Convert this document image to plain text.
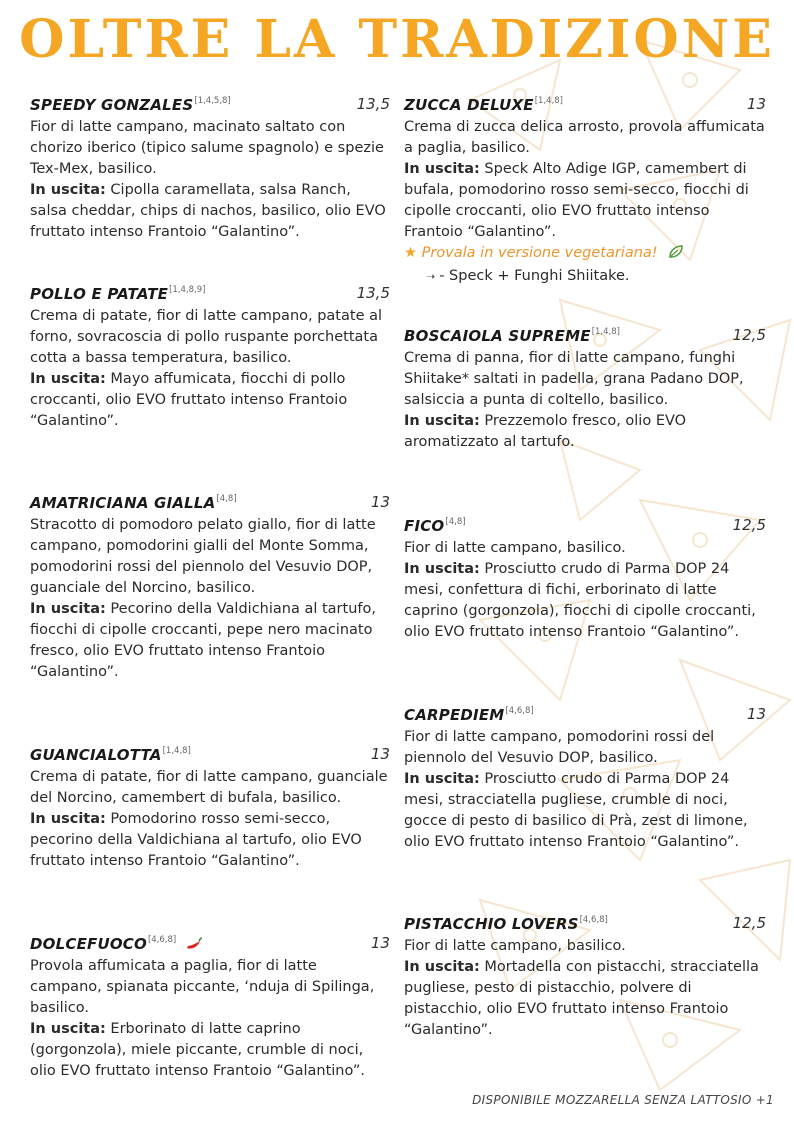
OLTRE LA TRADIZIONE
SPEEDY GONZALES[1,4,5,8]	13,5
Fior di latte campano, macinato saltato con chorizo iberico (tipico salume spagnolo) e spezie Tex-Mex, basilico.
In uscita: Cipolla caramellata, salsa Ranch, salsa cheddar, chips di nachos, basilico, olio EVO fruttato intenso Frantoio “Galantino”.
POLLO E PATATE[1,4,8,9]	13,5
Crema di patate, fior di latte campano, patate al forno, sovracoscia di pollo ruspante porchettata cotta a bassa temperatura, basilico.
In uscita: Mayo affumicata, fiocchi di pollo croccanti, olio EVO fruttato intenso Frantoio “Galantino”.
AMATRICIANA GIALLA[4,8]	13
Stracotto di pomodoro pelato giallo, fior di latte campano, pomodorini gialli del Monte Somma, pomodorini rossi del piennolo del Vesuvio DOP, guanciale del Norcino, basilico.
In uscita: Pecorino della Valdichiana al tartufo, fiocchi di cipolle croccanti, pepe nero macinato fresco, olio EVO fruttato intenso Frantoio “Galantino”.
GUANCIALOTTA[1,4,8]	13
Crema di patate, fior di latte campano, guanciale del Norcino, camembert di bufala, basilico.
In uscita: Pomodorino rosso semi-secco, pecorino della Valdichiana al tartufo, olio EVO fruttato intenso Frantoio “Galantino”.
DOLCEFUOCO[4,6,8]	13
Provola affumicata a paglia, fior di latte campano, spianata piccante, ‘nduja di Spilinga, basilico.
In uscita: Erborinato di latte caprino (gorgonzola), miele piccante, crumble di noci, olio EVO fruttato intenso Frantoio “Galantino”.
ZUCCA DELUXE[1,4,8]	13
Crema di zucca delica arrosto, provola affumicata a paglia, basilico.
In uscita: Speck Alto Adige IGP, camembert di bufala, pomodorino rosso semi-secco, fiocchi di cipolle croccanti, olio EVO fruttato intenso Frantoio “Galantino”.
★ Provala in versione vegetariana!
➝ - Speck + Funghi Shiitake.
BOSCAIOLA SUPREME[1,4,8]	12,5
Crema di panna, fior di latte campano, funghi Shiitake* saltati in padella, grana Padano DOP, salsiccia a punta di coltello, basilico.
In uscita: Prezzemolo fresco, olio EVO aromatizzato al tartufo.
FICO[4,8]	12,5
Fior di latte campano, basilico.
In uscita: Prosciutto crudo di Parma DOP 24 mesi, confettura di fichi, erborinato di latte caprino (gorgonzola), fiocchi di cipolle croccanti, olio EVO fruttato intenso Frantoio “Galantino”.
CARPEDIEM[4,6,8]	13
Fior di latte campano, pomodorini rossi del piennolo del Vesuvio DOP, basilico.
In uscita: Prosciutto crudo di Parma DOP 24 mesi, stracciatella pugliese, crumble di noci, gocce di pesto di basilico di Prà, zest di limone, olio EVO fruttato intenso Frantoio “Galantino”.
PISTACCHIO LOVERS[4,6,8]	12,5
Fior di latte campano, basilico.
In uscita: Mortadella con pistacchi, stracciatella pugliese, pesto di pistacchio, polvere di pistacchio, olio EVO fruttato intenso Frantoio “Galantino”.
DISPONIBILE MOZZARELLA SENZA LATTOSIO +1
